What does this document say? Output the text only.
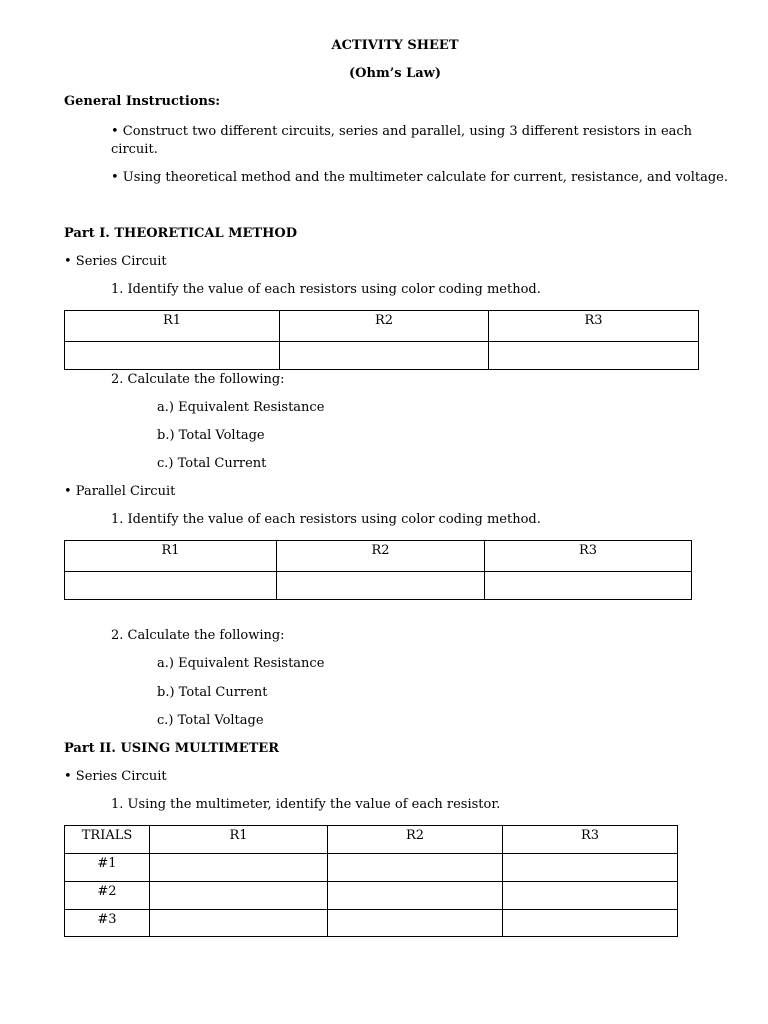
ACTIVITY SHEET
(Ohm’s Law)
General Instructions:
• Construct two different circuits, series and parallel, using 3 different resistors in each circuit.
• Using theoretical method and the multimeter calculate for current, resistance, and voltage.
Part I. THEORETICAL METHOD
• Series Circuit
1. Identify the value of each resistors using color coding method.
R1	R2	R3

2. Calculate the following:
a.) Equivalent Resistance
b.) Total Voltage
c.) Total Current
• Parallel Circuit
1. Identify the value of each resistors using color coding method.
R1	R2	R3

2. Calculate the following:
a.) Equivalent Resistance
b.) Total Current
c.) Total Voltage
Part II. USING MULTIMETER
• Series Circuit
1. Using the multimeter, identify the value of each resistor.
TRIALS	R1	R2	R3
#1			
#2			
#3			
